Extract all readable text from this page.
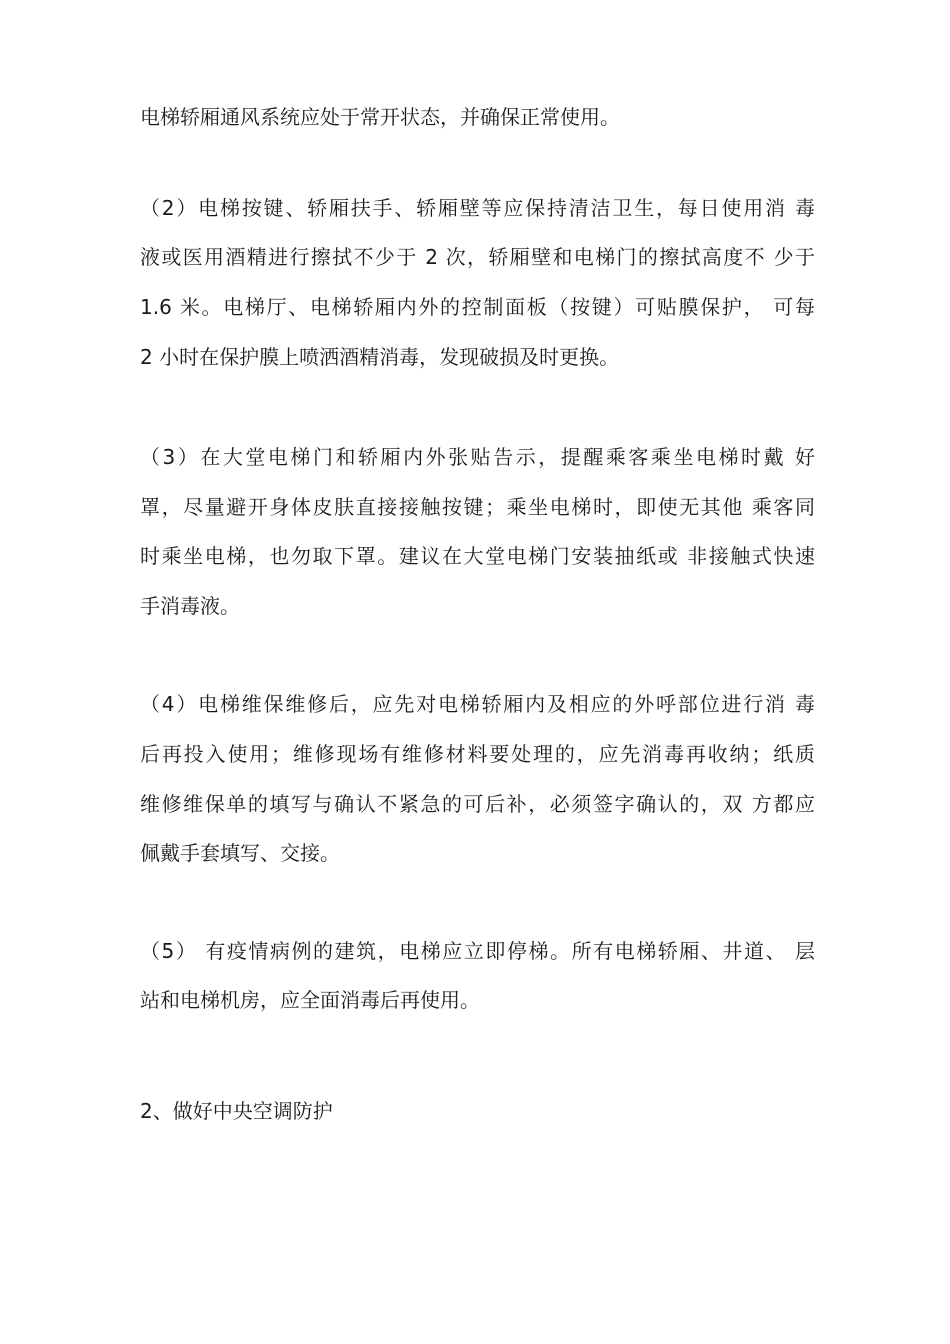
电梯轿厢通风系统应处于常开状态，并确保正常使用。
（2）电梯按键、轿厢扶手、轿厢壁等应保持清洁卫生，每日使用消 毒
液或医用酒精进行擦拭不少于 2 次，轿厢壁和电梯门的擦拭高度不 少于
1.6 米。电梯厅、电梯轿厢内外的控制面板（按键）可贴膜保护， 可每
2 小时在保护膜上喷洒酒精消毒，发现破损及时更换。
（3）在大堂电梯门和轿厢内外张贴告示，提醒乘客乘坐电梯时戴 好
罩，尽量避开身体皮肤直接接触按键；乘坐电梯时，即使无其他 乘客同
时乘坐电梯，也勿取下罩。建议在大堂电梯门安装抽纸或 非接触式快速
手消毒液。
（4）电梯维保维修后，应先对电梯轿厢内及相应的外呼部位进行消 毒
后再投入使用；维修现场有维修材料要处理的，应先消毒再收纳；纸质
维修维保单的填写与确认不紧急的可后补，必须签字确认的，双 方都应
佩戴手套填写、交接。
（5） 有疫情病例的建筑，电梯应立即停梯。所有电梯轿厢、井道、 层
站和电梯机房，应全面消毒后再使用。
2、做好中央空调防护
